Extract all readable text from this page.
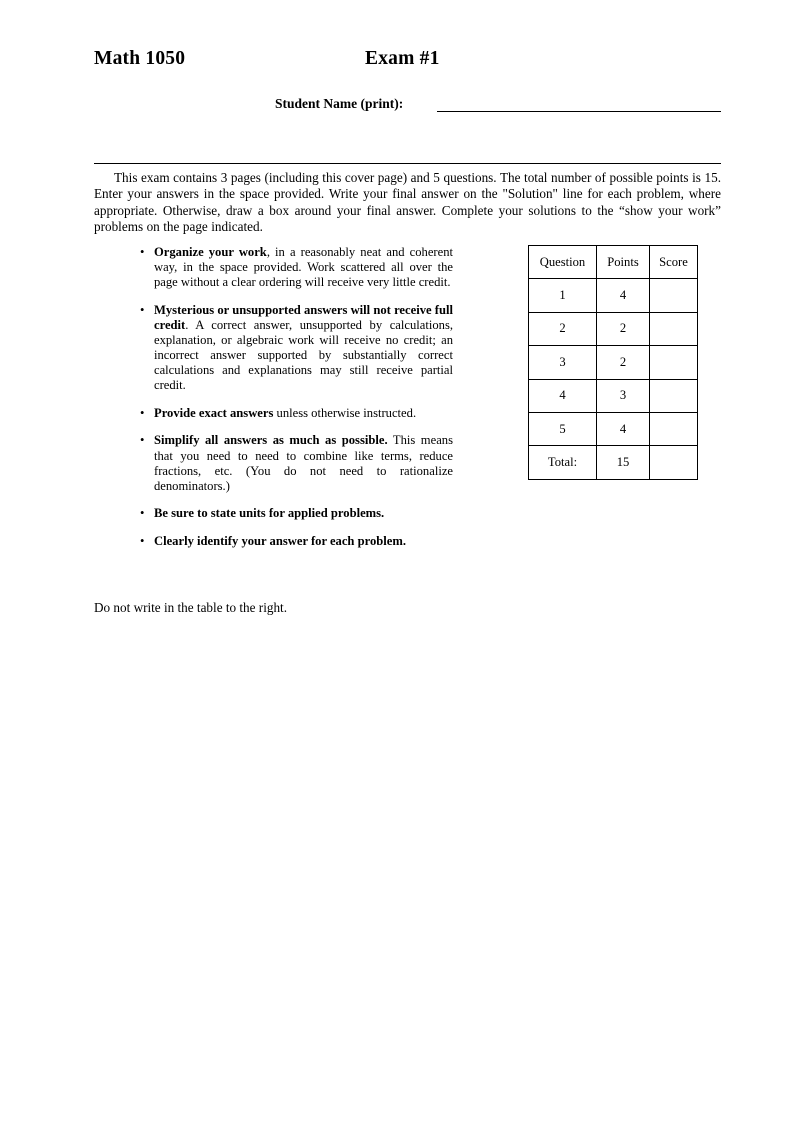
Math 1050	Exam #1
Student Name (print):
This exam contains 3 pages (including this cover page) and 5 questions. The total number of possible points is 15. Enter your answers in the space provided. Write your final answer on the "Solution" line for each problem, where appropriate. Otherwise, draw a box around your final answer. Complete your solutions to the “show your work” problems on the page indicated.
• Organize your work, in a reasonably neat and coherent way, in the space provided. Work scattered all over the page without a clear ordering will receive very little credit.
• Mysterious or unsupported answers will not receive full credit. A correct answer, unsupported by calculations, explanation, or algebraic work will receive no credit; an incorrect answer supported by substantially correct calculations and explanations may still receive partial credit.
• Provide exact answers unless otherwise instructed.
• Simplify all answers as much as possible. This means that you need to need to combine like terms, reduce fractions, etc. (You do not need to rationalize denominators.)
• Be sure to state units for applied problems.
• Clearly identify your answer for each problem.
Do not write in the table to the right.
Question	Points	Score
1	4	
2	2	
3	2	
4	3	
5	4	
Total:	15	
